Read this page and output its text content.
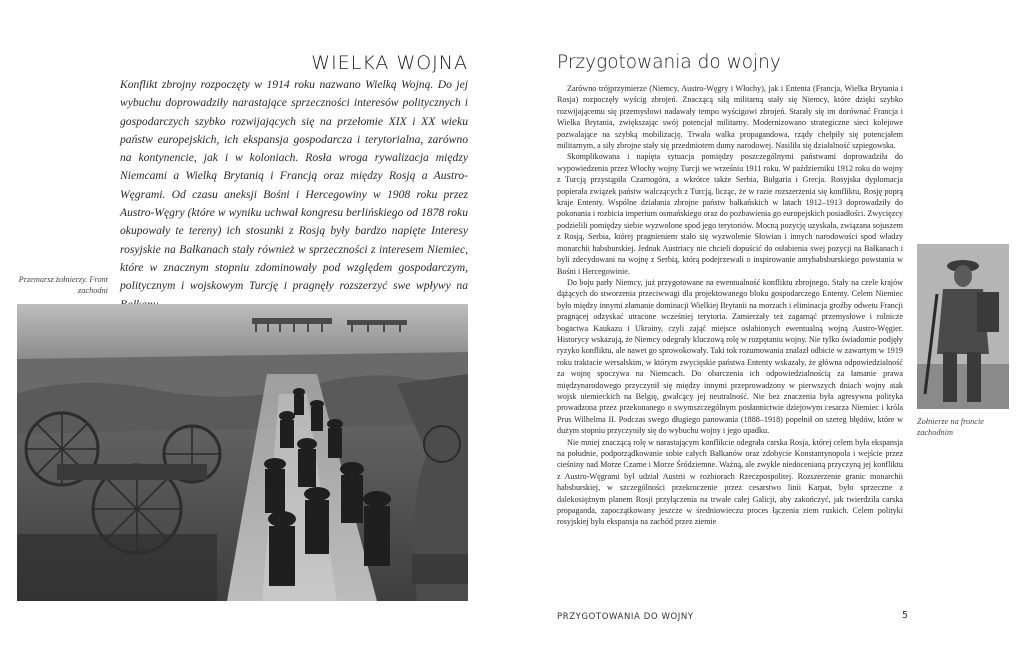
WIELKA WOJNA

Konflikt zbrojny rozpoczęty w 1914 roku nazwano Wielką Wojną. Do jej wybuchu doprowadziły narastające sprzeczności interesów politycznych i gospodarczych szybko rozwijających się na przełomie XIX i XX wieku państw europejskich, ich ekspansja gospodarcza i terytorialna, zarówno na kontynencie, jak i w koloniach. Rosła wroga rywalizacja między Niemcami a Wielką Brytanią i Francją oraz między Rosją a Austro-Węgrami. Od czasu aneksji Bośni i Hercegowiny w 1908 roku przez Austro-Węgry (które w wyniku uchwał kongresu berlińskiego od 1878 roku okupowały te tereny) ich stosunki z Rosją były bardzo napięte Interesy rosyjskie na Bałkanach stały również w sprzeczności z interesem Niemiec, które w znacznym stopniu zdominowały pod względem gospodarczym, politycznym i wojskowym Turcję i pragnęły rozszerzyć swe wpływy na

Przemarsz żołnierzy. Front zachodni

Przygotowania do wojny

Zarówno trójprzymierze (Niemcy, Austro-Węgry i Włochy), jak i Ententa (Francja, Wielka Brytania i Rosja) rozpoczęły wyścig zbrojeń. Znaczącą siłą militarną stały się Niemcy, które dzięki szybko rozwijającemu się przemysłowi nadawały tempo wyścigowi zbrojeń. Starały się im dorównać Francja i Wielka Brytania, zwiększając swój potencjał militarny. Modernizowano strategiczne sieci kolejowe pozwalające na szybką mobilizację. Trwała walka propagandowa, rządy chełpiły się potencjałem militarnym, a siły zbrojne stały się przedmiotem dumy narodowej. Nasiliła się działalność szpiegowska.

Skomplikowana i napięta sytuacja pomiędzy poszczególnymi państwami doprowadziła do wypowiedzenia przez Włochy wojny Turcji we wrześniu 1911 roku. W październiku 1912 roku do wojny z Turcją przystąpiła Czarnogóra, a wkrótce także Serbia, Bułgaria i Grecja. Rosyjska dyplomacja popierała związek państw walczących z Turcją, licząc, że w razie rozszerzenia się konfliktu, Rosję poprą kraje Ententy. Wspólne działania zbrojne państw bałkańskich w latach 1912–1913 doprowadziły do pokonania i rozbicia imperium osmańskiego oraz do pozbawienia go europejskich posiadłości. Zwycięzcy podzielili pomiędzy siebie wyzwolone spod jego terytoriów. Mocną pozycję uzyskała, związana sojuszem z Rosją, Serbia, której pragnieniem stało się wyzwolenie Słowian i innych narodowości spod władzy monarchii habsburskiej. Jednak Austriacy nie chcieli dopuścić do osłabienia swej pozycji na Bałkanach i byli zdecydowani na wojnę z Serbią, którą podejrzewali o inspirowanie antyhabsburskiego powstania w Bośni i Hercegowinie.

Do boju parły Niemcy, już przygotowane na ewentualność konfliktu zbrojnego. Stały na czele krajów dążących do stworzenia przeciwwagi dla projektowanego bloku gospodarczego Ententy. Celem Niemiec było między innymi złamanie dominacji Wielkiej Brytanii na morzach i eliminacja groźby odwetu Francji pragnącej odzyskać utracone wcześniej terytoria. Zamierzały też zagarnąć przemysłowe i rolnicze bogactwa Kaukazu i Ukrainy, czyli zająć miejsce osłabionych ewentualną wojną Austro-Węgier. Historycy wskazują, że Niemcy odegrały kluczową rolę w rozpętaniu wojny. Nie tylko świadomie podjęły ryzyko konfliktu, ale nawet go sprowokowały. Taki tok rozumowania znalazł odbicie w zawartym w 1919 roku traktacie wersalskim, w którym zwycięskie państwa Ententy wskazały, że główna odpowiedzialność za wojnę spoczywa na Niemcach. Do obarczenia ich odpowiedzialnością za łamanie prawa międzynarodowego przyczynił się między innymi przeprowadzony w pierwszych dniach wojny atak wojsk niemieckich na Belgię, gwałcący jej neutralność. Nie bez znaczenia była agresywna polityka prowadzona przez przekonanego o swymszczególnym posłannictwie dziejowym cesarza Niemiec i króla Prus Wilhelma II. Podczas swego długiego panowania (1888–1918) popełnił on szereg błędów, które w dużym stopniu przyczyniły się do wybuchu wojny i jego upadku.

Nie mniej znaczącą rolę w narastającym konflikcie odegrała carska Rosja, której celem była ekspansja na południe, podporządkowanie sobie całych Bałkanów oraz zdobycie Konstantynopola i wejście przez cieśniny nad Morze Czarne i Morze Śródziemne. Ważną, ale zwykle niedocenianą przyczyną jej konfliktu z Austro-Węgrami był udział Austrii w rozbiorach Rzeczpospolitej. Rozszerzenie granic monarchii habsburskiej, w szczególności przekroczenie przez cesarstwo linii Karpat, było sprzeczne z dalekosiężnym planem Rosji przyłączenia na trwałe całej Galicji, aby zakończyć, jak twierdziła carska propaganda, zapoczątkowany jeszcze w średniowieczu proces łączenia ziem ruskich. Celem polityki rosyjskiej była ekspansja na zachód przez ziemie

Żołnierze na froncie zachodnim

PRZYGOTOWANIA DO WOJNY	5
